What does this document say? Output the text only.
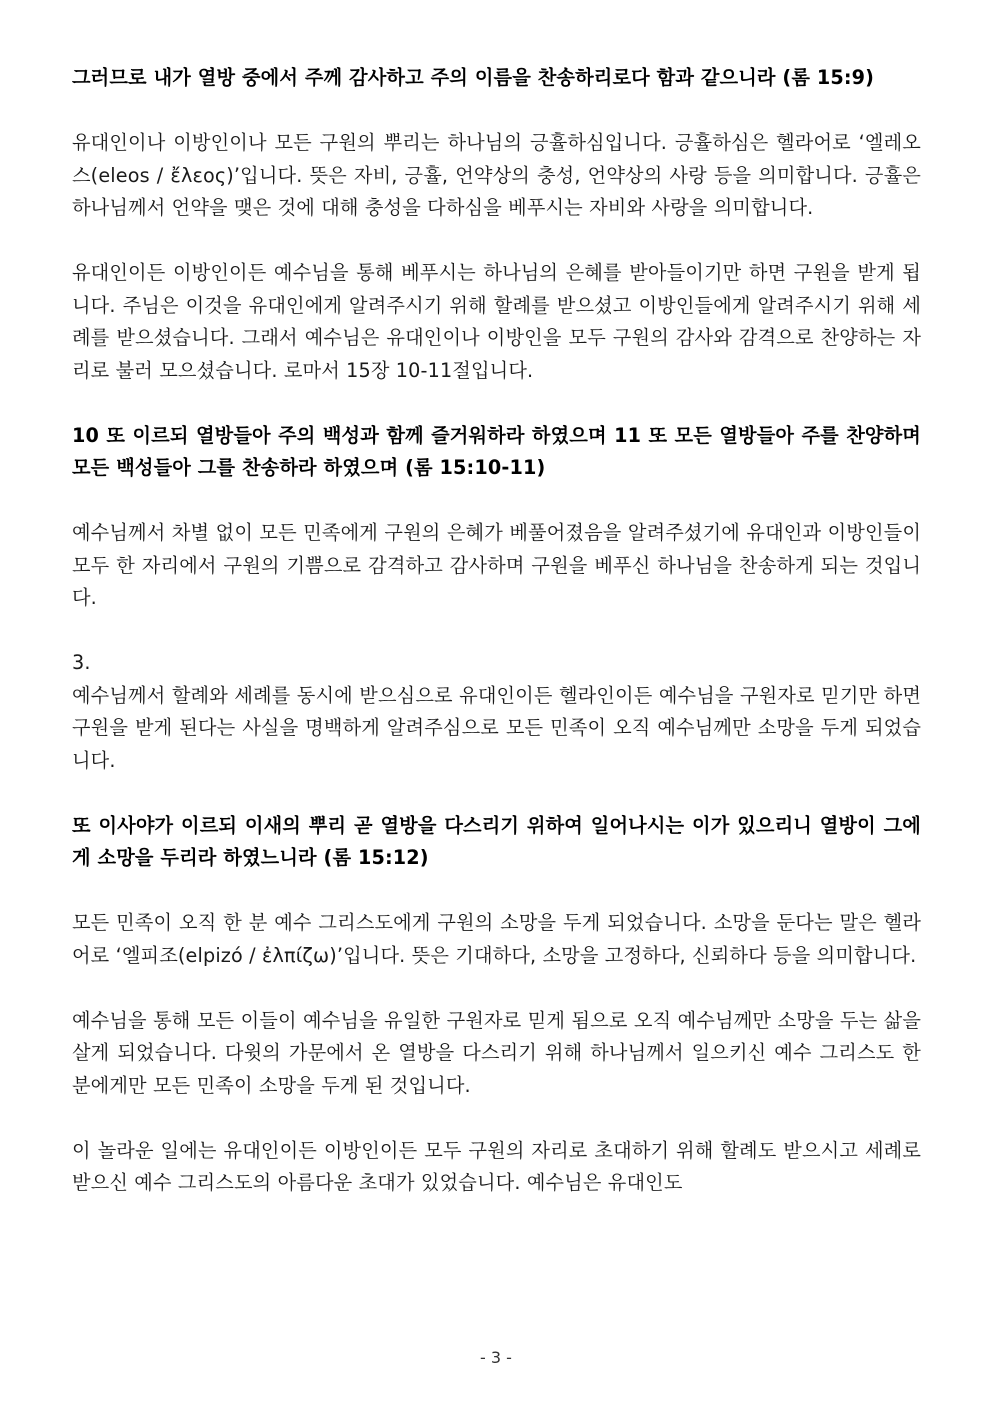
그러므로 내가 열방 중에서 주께 감사하고 주의 이름을 찬송하리로다 함과 같으니라 (롬 15:9)

유대인이나 이방인이나 모든 구원의 뿌리는 하나님의 긍휼하심입니다. 긍휼하심은 헬라어로 ‘엘레오스(eleos / ἔλεος)’입니다. 뜻은 자비, 긍휼, 언약상의 충성, 언약상의 사랑 등을 의미합니다. 긍휼은 하나님께서 언약을 맺은 것에 대해 충성을 다하심을 베푸시는 자비와 사랑을 의미합니다.

유대인이든 이방인이든 예수님을 통해 베푸시는 하나님의 은혜를 받아들이기만 하면 구원을 받게 됩니다. 주님은 이것을 유대인에게 알려주시기 위해 할례를 받으셨고 이방인들에게 알려주시기 위해 세례를 받으셨습니다. 그래서 예수님은 유대인이나 이방인을 모두 구원의 감사와 감격으로 찬양하는 자리로 불러 모으셨습니다. 로마서 15장 10-11절입니다.

10 또 이르되 열방들아 주의 백성과 함께 즐거워하라 하였으며 11 또 모든 열방들아 주를 찬양하며 모든 백성들아 그를 찬송하라 하였으며 (롬 15:10-11)

예수님께서 차별 없이 모든 민족에게 구원의 은혜가 베풀어졌음을 알려주셨기에 유대인과 이방인들이 모두 한 자리에서 구원의 기쁨으로 감격하고 감사하며 구원을 베푸신 하나님을 찬송하게 되는 것입니다.

3.

예수님께서 할례와 세례를 동시에 받으심으로 유대인이든 헬라인이든 예수님을 구원자로 믿기만 하면 구원을 받게 된다는 사실을 명백하게 알려주심으로 모든 민족이 오직 예수님께만 소망을 두게 되었습니다.

또 이사야가 이르되 이새의 뿌리 곧 열방을 다스리기 위하여 일어나시는 이가 있으리니 열방이 그에게 소망을 두리라 하였느니라 (롬 15:12)

모든 민족이 오직 한 분 예수 그리스도에게 구원의 소망을 두게 되었습니다. 소망을 둔다는 말은 헬라어로 ‘엘피조(elpizó / ἐλπίζω)’입니다. 뜻은 기대하다, 소망을 고정하다, 신뢰하다 등을 의미합니다.

예수님을 통해 모든 이들이 예수님을 유일한 구원자로 믿게 됨으로 오직 예수님께만 소망을 두는 삶을 살게 되었습니다. 다윗의 가문에서 온 열방을 다스리기 위해 하나님께서 일으키신 예수 그리스도 한 분에게만 모든 민족이 소망을 두게 된 것입니다.

이 놀라운 일에는 유대인이든 이방인이든 모두 구원의 자리로 초대하기 위해 할례도 받으시고 세례로 받으신 예수 그리스도의 아름다운 초대가 있었습니다. 예수님은 유대인도

- 3 -
